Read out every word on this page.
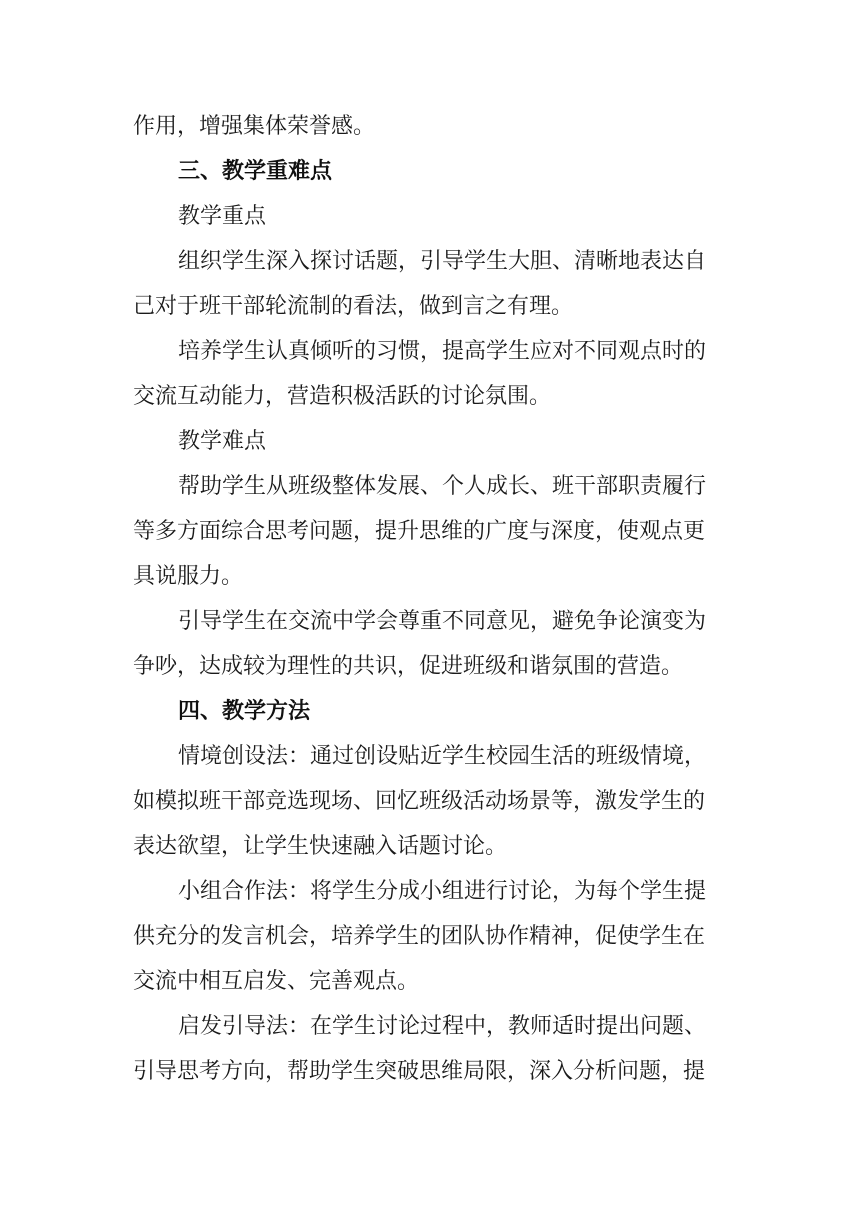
作用，增强集体荣誉感。

三、教学重难点

教学重点

组织学生深入探讨话题，引导学生大胆、清晰地表达自

己对于班干部轮流制的看法，做到言之有理。

培养学生认真倾听的习惯，提高学生应对不同观点时的

交流互动能力，营造积极活跃的讨论氛围。

教学难点

帮助学生从班级整体发展、个人成长、班干部职责履行

等多方面综合思考问题，提升思维的广度与深度，使观点更

具说服力。

引导学生在交流中学会尊重不同意见，避免争论演变为

争吵，达成较为理性的共识，促进班级和谐氛围的营造。

四、教学方法

情境创设法：通过创设贴近学生校园生活的班级情境，

如模拟班干部竞选现场、回忆班级活动场景等，激发学生的

表达欲望，让学生快速融入话题讨论。

小组合作法：将学生分成小组进行讨论，为每个学生提

供充分的发言机会，培养学生的团队协作精神，促使学生在

交流中相互启发、完善观点。

启发引导法：在学生讨论过程中，教师适时提出问题、

引导思考方向，帮助学生突破思维局限，深入分析问题，提
